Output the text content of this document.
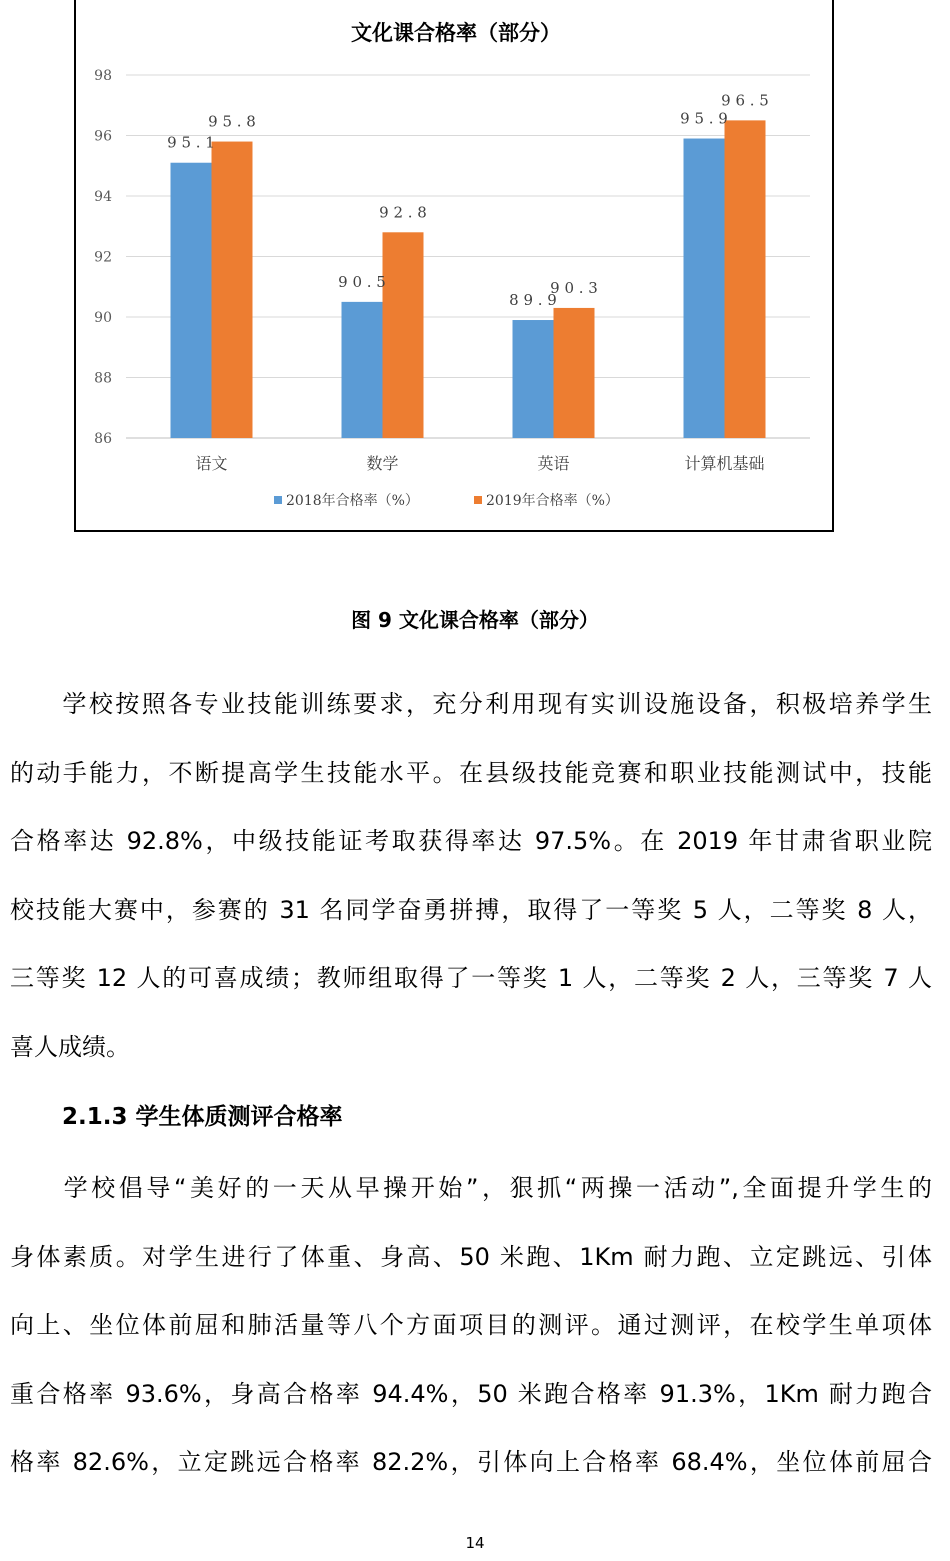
文化课合格率（部分）
86
88
90
92
94
96
98
9 5 . 1
9 5 . 8
语文
9 0 . 5
9 2 . 8
数学
8 9 . 9
9 0 . 3
英语
9 5 . 9
9 6 . 5
计算机基础
2018年合格率（%）	2019年合格率（%）
图 9 文化课合格率（部分）
学校按照各专业技能训练要求，充分利用现有实训设施设备，积极培养学生
的动手能力，不断提高学生技能水平。在县级技能竞赛和职业技能测试中，技能
合格率达 92.8%，中级技能证考取获得率达 97.5%。在 2019 年甘肃省职业院
校技能大赛中，参赛的 31 名同学奋勇拼搏，取得了一等奖 5 人，二等奖 8 人，
三等奖 12 人的可喜成绩；教师组取得了一等奖 1 人，二等奖 2 人，三等奖 7 人
喜人成绩。
2.1.3 学生体质测评合格率
学校倡导“美好的一天从早操开始”，狠抓“两操一活动”,全面提升学生的
身体素质。对学生进行了体重、身高、50 米跑、1Km 耐力跑、立定跳远、引体
向上、坐位体前屈和肺活量等八个方面项目的测评。通过测评，在校学生单项体
重合格率 93.6%，身高合格率 94.4%，50 米跑合格率 91.3%，1Km 耐力跑合
格率 82.6%，立定跳远合格率 82.2%，引体向上合格率 68.4%，坐位体前屈合
14
